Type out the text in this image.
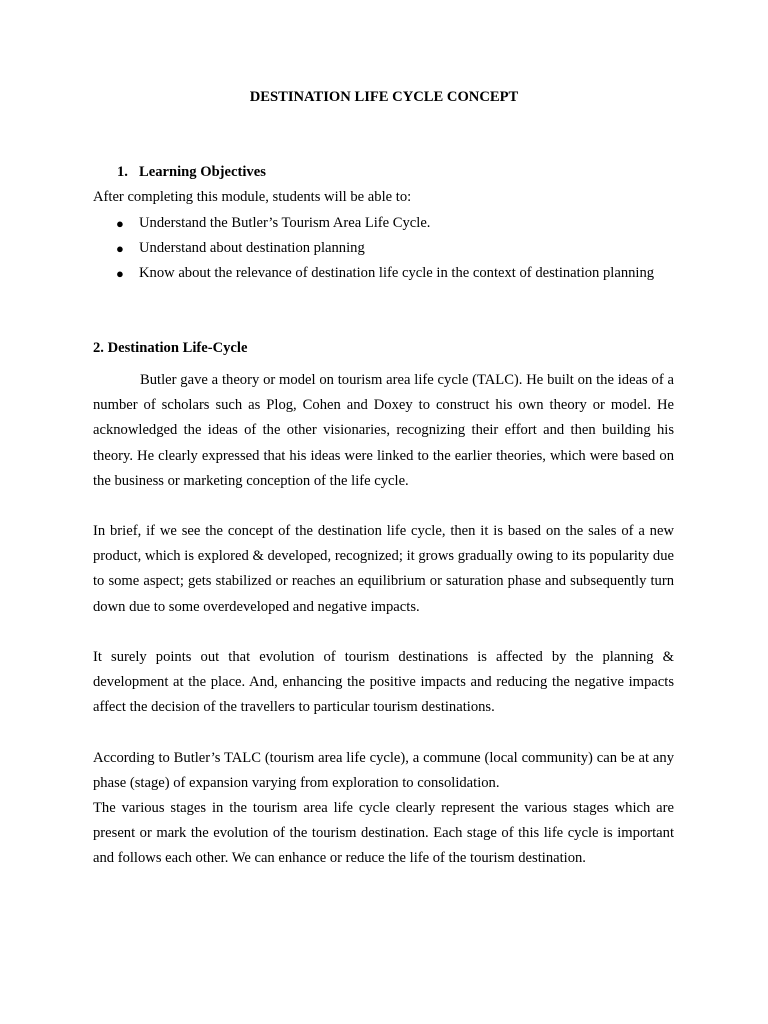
DESTINATION LIFE CYCLE CONCEPT
1. Learning Objectives
After completing this module, students will be able to:
● Understand the Butler’s Tourism Area Life Cycle.
● Understand about destination planning
● Know about the relevance of destination life cycle in the context of destination planning
2. Destination Life-Cycle

Butler gave a theory or model on tourism area life cycle (TALC). He built on the ideas of a number of scholars such as Plog, Cohen and Doxey to construct his own theory or model. He acknowledged the ideas of the other visionaries, recognizing their effort and then building his theory. He clearly expressed that his ideas were linked to the earlier theories, which were based on the business or marketing conception of the life cycle.

In brief, if we see the concept of the destination life cycle, then it is based on the sales of a new product, which is explored & developed, recognized; it grows gradually owing to its popularity due to some aspect; gets stabilized or reaches an equilibrium or saturation phase and subsequently turn down due to some overdeveloped and negative impacts.

It surely points out that evolution of tourism destinations is affected by the planning & development at the place. And, enhancing the positive impacts and reducing the negative impacts affect the decision of the travellers to particular tourism destinations.

According to Butler’s TALC (tourism area life cycle), a commune (local community) can be at any phase (stage) of expansion varying from exploration to consolidation.

The various stages in the tourism area life cycle clearly represent the various stages which are present or mark the evolution of the tourism destination. Each stage of this life cycle is important and follows each other. We can enhance or reduce the life of the tourism destination.
